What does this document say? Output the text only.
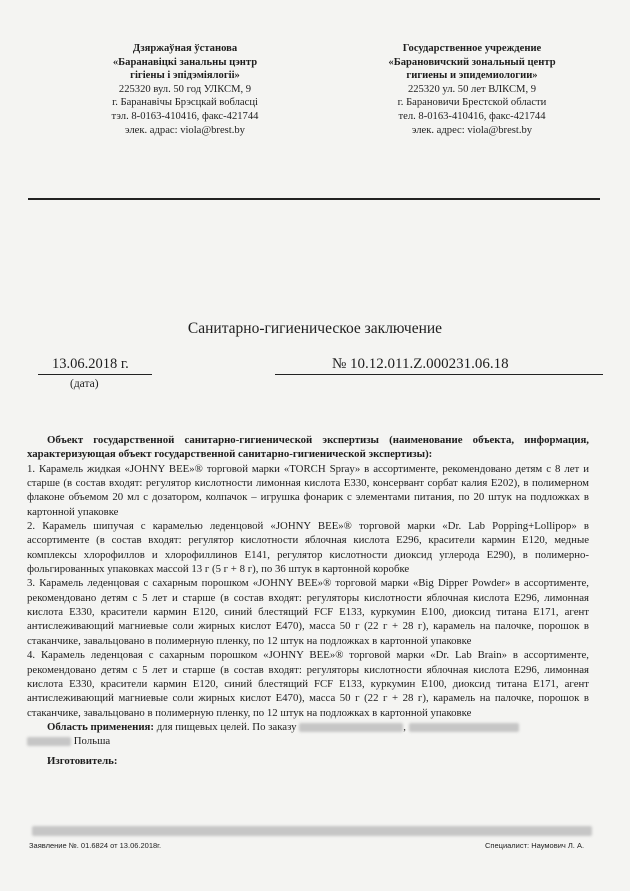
Дзяржаўная ўстанова
«Баранавіцкі занальны цэнтр
гігіены і эпідэміялогіі»
225320 вул. 50 год УЛКСМ, 9
г. Баранавічы Брэсцкай вобласці
тэл. 8-0163-410416, факс-421744
элек. адрас: viola@brest.by
Государственное учреждение
«Барановичский зональный центр
гигиены и эпидемиологии»
225320 ул. 50 лет ВЛКСМ, 9
г. Барановичи Брестской области
тел. 8-0163-410416, факс-421744
элек. адрес: viola@brest.by
Санитарно-гигиеническое заключение
13.06.2018 г.
(дата)
№ 10.12.011.Z.000231.06.18

Объект государственной санитарно-гигиенической экспертизы (наименование объекта, информация, характеризующая объект государственной санитарно-гигиенической экспертизы):

1. Карамель жидкая «JOHNY BEE»® торговой марки «TORCH Spray» в ассортименте, рекомендовано детям с 8 лет и старше (в состав входят: регулятор кислотности лимонная кислота Е330, консервант сорбат калия Е202), в полимерном флаконе объемом 20 мл с дозатором, колпачок – игрушка фонарик с элементами питания, по 20 штук на подложках в картонной упаковке

2. Карамель шипучая с карамелью леденцовой «JOHNY BEE»® торговой марки «Dr. Lab Popping+Lollipop» в ассортименте (в состав входят: регулятор кислотности яблочная кислота Е296, красители кармин Е120, медные комплексы хлорофиллов и хлорофиллинов Е141, регулятор кислотности диоксид углерода Е290), в полимерно-фольгированных упаковках массой 13 г (5 г + 8 г), по 36 штук в картонной коробке

3. Карамель леденцовая с сахарным порошком «JOHNY BEE»® торговой марки «Big Dipper Powder» в ассортименте, рекомендовано детям с 5 лет и старше (в состав входят: регуляторы кислотности яблочная кислота Е296, лимонная кислота Е330, красители кармин Е120, синий блестящий FCF Е133, куркумин Е100, диоксид титана Е171, агент антислеживающий магниевые соли жирных кислот Е470), масса 50 г (22 г + 28 г), карамель на палочке, порошок в стаканчике, завальцовано в полимерную пленку, по 12 штук на подложках в картонной упаковке

4. Карамель леденцовая с сахарным порошком «JOHNY BEE»® торговой марки «Dr. Lab Brain» в ассортименте, рекомендовано детям с 5 лет и старше (в состав входят: регуляторы кислотности яблочная кислота Е296, лимонная кислота Е330, красители кармин Е120, синий блестящий FCF Е133, куркумин Е100, диоксид титана Е171, агент антислеживающий магниевые соли жирных кислот Е470), масса 50 г (22 г + 28 г), карамель на палочке, порошок в стаканчике, завальцовано в полимерную пленку, по 12 штук на подложках в картонной упаковке

Область применения: для пищевых целей. По заказу	,

Польша

Изготовитель:

Заявление №. 01.6824 от 13.06.2018г.	Специалист: Наумович Л. А.
